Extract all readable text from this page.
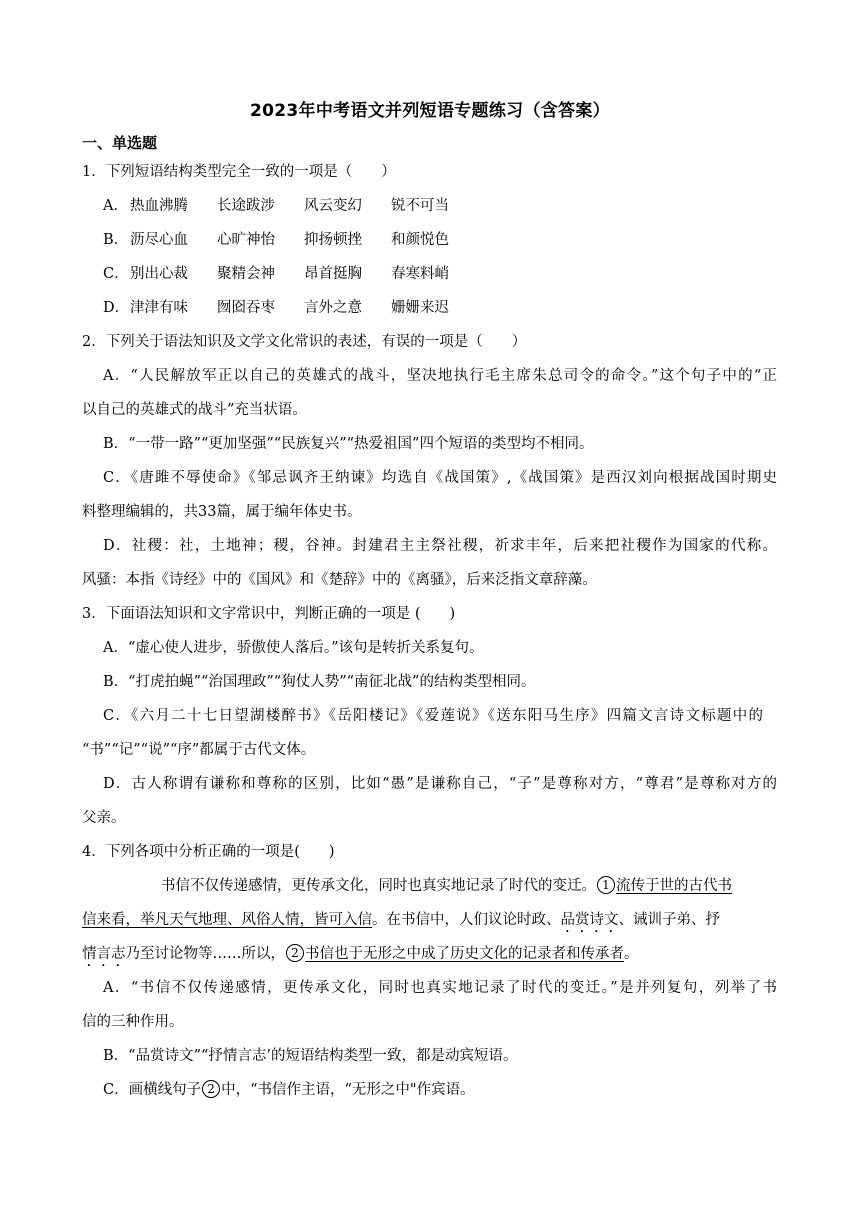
2023年中考语文并列短语专题练习（含答案）
一、单选题
1．下列短语结构类型完全一致的一项是（　　）
A． 热血沸腾 长途跋涉 风云变幻 锐不可当
B． 沥尽心血 心旷神怡 抑扬顿挫 和颜悦色
C．别出心裁 聚精会神 昂首挺胸 春寒料峭
D．津津有味 囫囵吞枣 言外之意 姗姗来迟
2．下列关于语法知识及文学文化常识的表述，有误的一项是（　　）
A．“人民解放军正以自己的英雄式的战斗，坚决地执行毛主席朱总司令的命令。”这个句子中的“正
以自己的英雄式的战斗”充当状语。
B．“一带一路”“更加坚强”“民族复兴”“热爱祖国”四个短语的类型均不相同。
C．《唐雎不辱使命》《邹忌讽齐王纳谏》均选自《战国策》,《战国策》是西汉刘向根据战国时期史
料整理编辑的，共33篇，属于编年体史书。
D．社稷：社，土地神；稷，谷神。封建君主主祭社稷，祈求丰年，后来把社稷作为国家的代称。
风骚：本指《诗经》中的《国风》和《楚辞》中的《离骚》，后来泛指文章辞藻。
3．下面语法知识和文字常识中，判断正确的一项是 (　　)
A．“虚心使人进步，骄傲使人落后。”该句是转折关系复句。
B．“打虎拍蝇”“治国理政”“狗仗人势”“南征北战”的结构类型相同。
C．《六月二十七日望湖楼醉书》《岳阳楼记》《爱莲说》《送东阳马生序》四篇文言诗文标题中的
“书”“记”“说”“序”都属于古代文体。
D．古人称谓有谦称和尊称的区别，比如“愚”是谦称自己，“子”是尊称对方，“尊君”是尊称对方的
父亲。
4．下列各项中分析正确的一项是(　　)
书信不仅传递感情，更传承文化，同时也真实地记录了时代的变迁。 1 流传于世的古代书
信来看，举凡天气地理、风俗人情，皆可入信。在书信中，人们议论时政、品赏诗文、诫训子弟、抒
情言志乃至讨论物等……所以， 2 书信也于无形之中成了历史文化的记录者和传承者。
A．“书信不仅传递感情，更传承文化，同时也真实地记录了时代的变迁。”是并列复句，列举了书
信的三种作用。
B．“品赏诗文”“抒情言志’的短语结构类型一致，都是动宾短语。
C．画横线句子 2 中，“书信作主语，“无形之中"作宾语。
